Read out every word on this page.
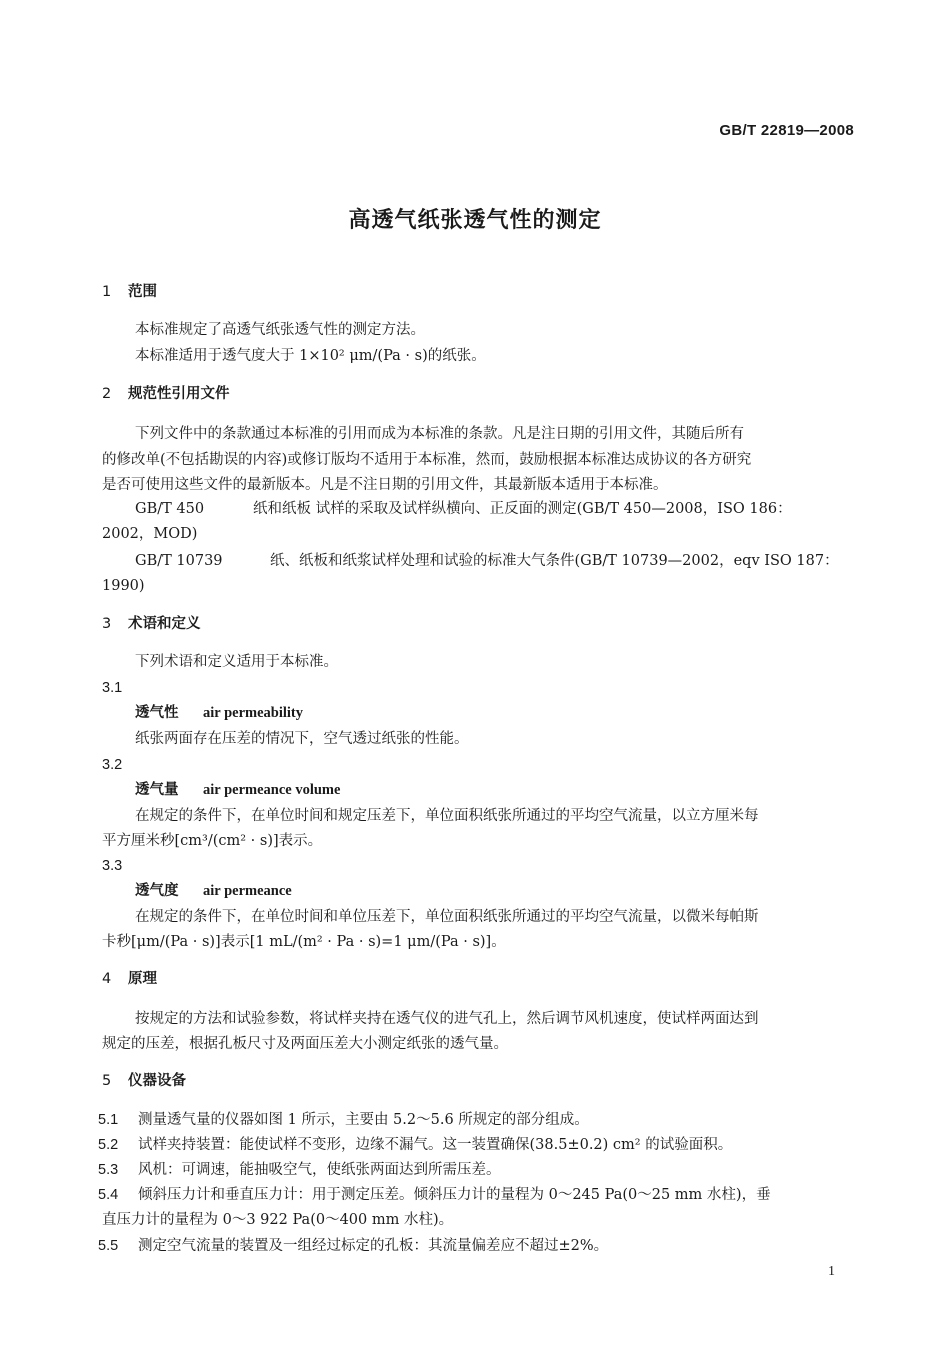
GB/T 22819—2008
高透气纸张透气性的测定
1 范围
本标准规定了高透气纸张透气性的测定方法。
本标准适用于透气度大于 1×10² μm/(Pa · s)的纸张。
2 规范性引用文件
下列文件中的条款通过本标准的引用而成为本标准的条款。凡是注日期的引用文件，其随后所有
的修改单(不包括勘误的内容)或修订版均不适用于本标准，然而，鼓励根据本标准达成协议的各方研究
是否可使用这些文件的最新版本。凡是不注日期的引用文件，其最新版本适用于本标准。
GB/T 450	纸和纸板 试样的采取及试样纵横向、正反面的测定(GB/T 450—2008，ISO 186：
2002，MOD)
GB/T 10739	纸、纸板和纸浆试样处理和试验的标准大气条件(GB/T 10739—2002，eqv ISO 187：
1990)
3 术语和定义
下列术语和定义适用于本标准。
3.1
透气性 air permeability
纸张两面存在压差的情况下，空气透过纸张的性能。
3.2
透气量 air permeance volume
在规定的条件下，在单位时间和规定压差下，单位面积纸张所通过的平均空气流量，以立方厘米每
平方厘米秒[cm³/(cm² · s)]表示。
3.3
透气度 air permeance
在规定的条件下，在单位时间和单位压差下，单位面积纸张所通过的平均空气流量，以微米每帕斯
卡秒[μm/(Pa · s)]表示[1 mL/(m² · Pa · s)=1 μm/(Pa · s)]。
4 原理
按规定的方法和试验参数，将试样夹持在透气仪的进气孔上，然后调节风机速度，使试样两面达到
规定的压差，根据孔板尺寸及两面压差大小测定纸张的透气量。
5 仪器设备
5.1 测量透气量的仪器如图 1 所示，主要由 5.2～5.6 所规定的部分组成。
5.2 试样夹持装置：能使试样不变形，边缘不漏气。这一装置确保(38.5±0.2) cm² 的试验面积。
5.3 风机：可调速，能抽吸空气，使纸张两面达到所需压差。
5.4 倾斜压力计和垂直压力计：用于测定压差。倾斜压力计的量程为 0～245 Pa(0～25 mm 水柱)，垂
直压力计的量程为 0～3 922 Pa(0～400 mm 水柱)。
5.5 测定空气流量的装置及一组经过标定的孔板：其流量偏差应不超过±2%。
1
